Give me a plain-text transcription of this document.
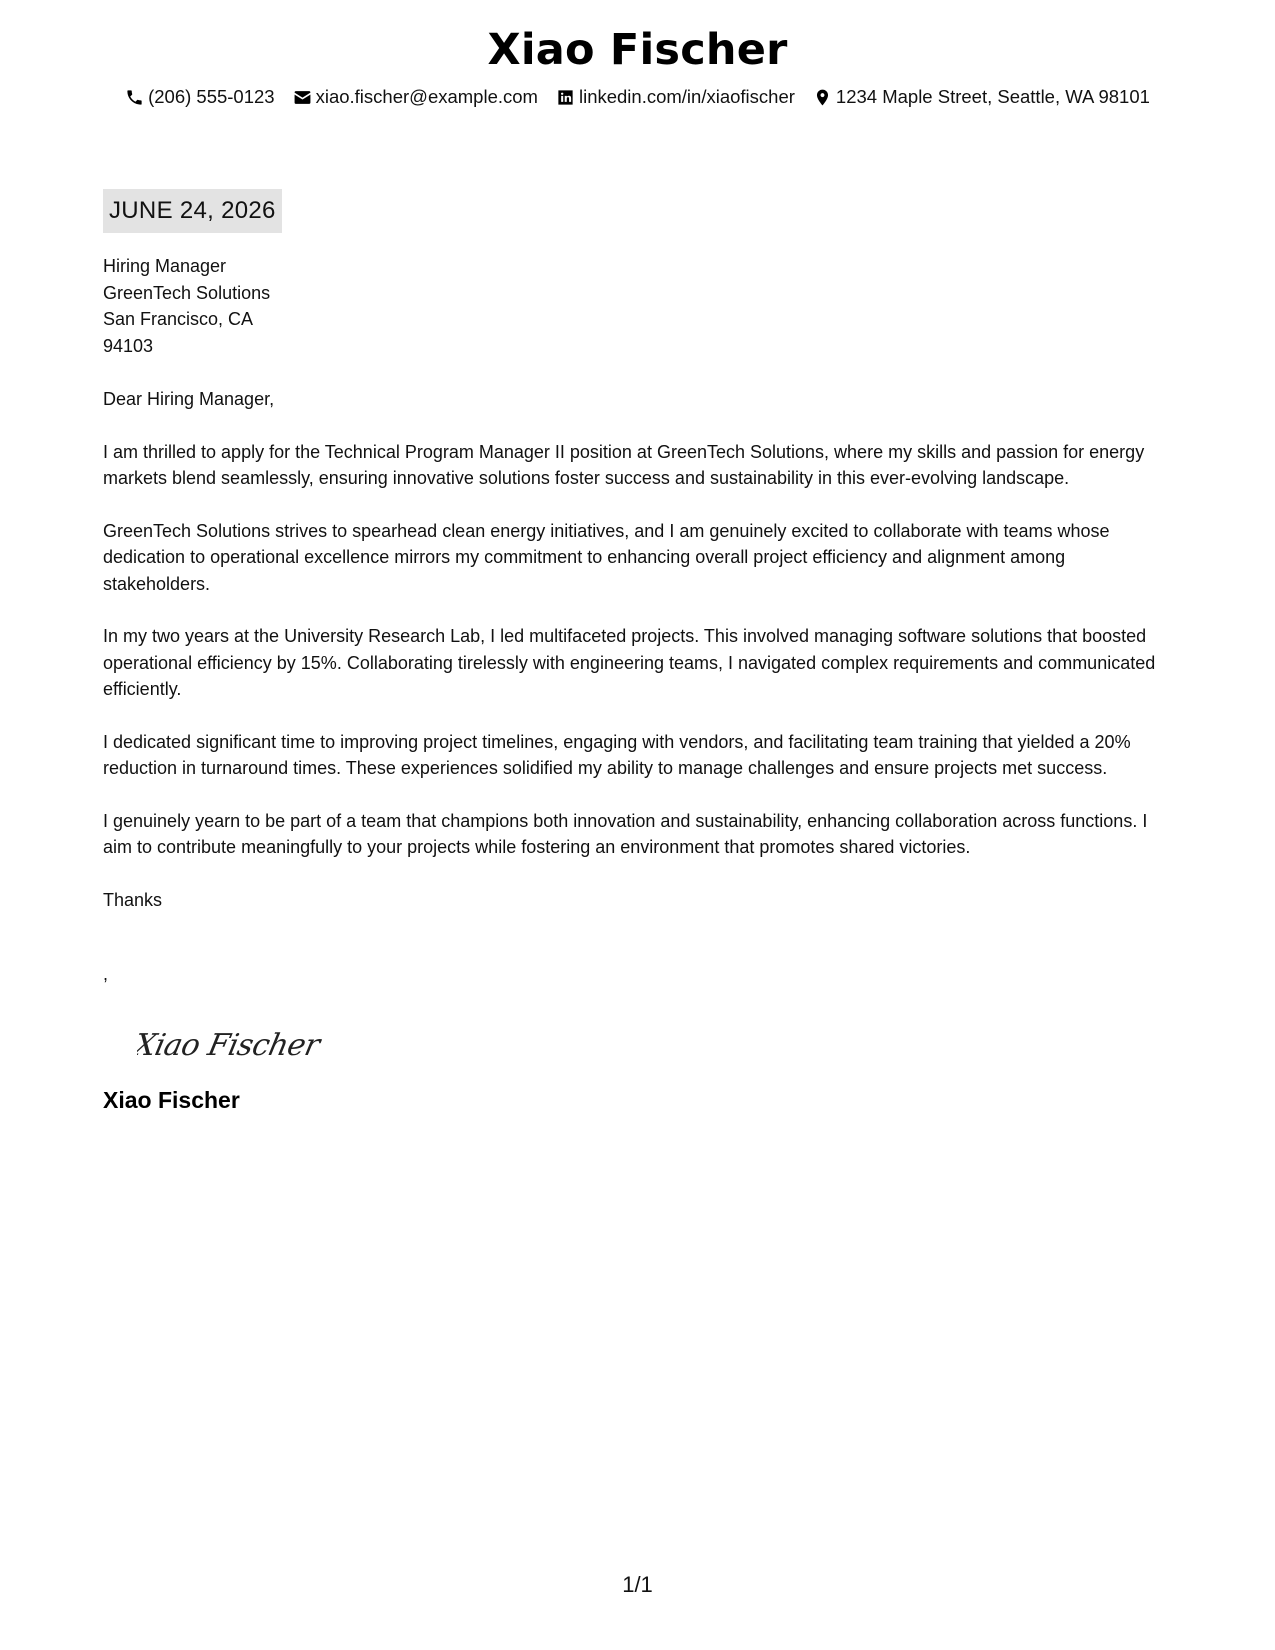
Xiao Fischer
(206) 555-0123 xiao.fischer@example.com linkedin.com/in/xiaofischer 1234 Maple Street, Seattle, WA 98101
JUNE 24, 2026
Hiring Manager
GreenTech Solutions
San Francisco, CA
94103
Dear Hiring Manager,
I am thrilled to apply for the Technical Program Manager II position at GreenTech Solutions, where my skills and passion for energy markets blend seamlessly, ensuring innovative solutions foster success and sustainability in this ever-evolving landscape.
GreenTech Solutions strives to spearhead clean energy initiatives, and I am genuinely excited to collaborate with teams whose dedication to operational excellence mirrors my commitment to enhancing overall project efficiency and alignment among stakeholders.
In my two years at the University Research Lab, I led multifaceted projects. This involved managing software solutions that boosted operational efficiency by 15%. Collaborating tirelessly with engineering teams, I navigated complex requirements and communicated efficiently.
I dedicated significant time to improving project timelines, engaging with vendors, and facilitating team training that yielded a 20% reduction in turnaround times. These experiences solidified my ability to manage challenges and ensure projects met success.
I genuinely yearn to be part of a team that champions both innovation and sustainability, enhancing collaboration across functions. I aim to contribute meaningfully to your projects while fostering an environment that promotes shared victories.
Thanks
,
Xiao Fischer
Xiao Fischer
1/1
